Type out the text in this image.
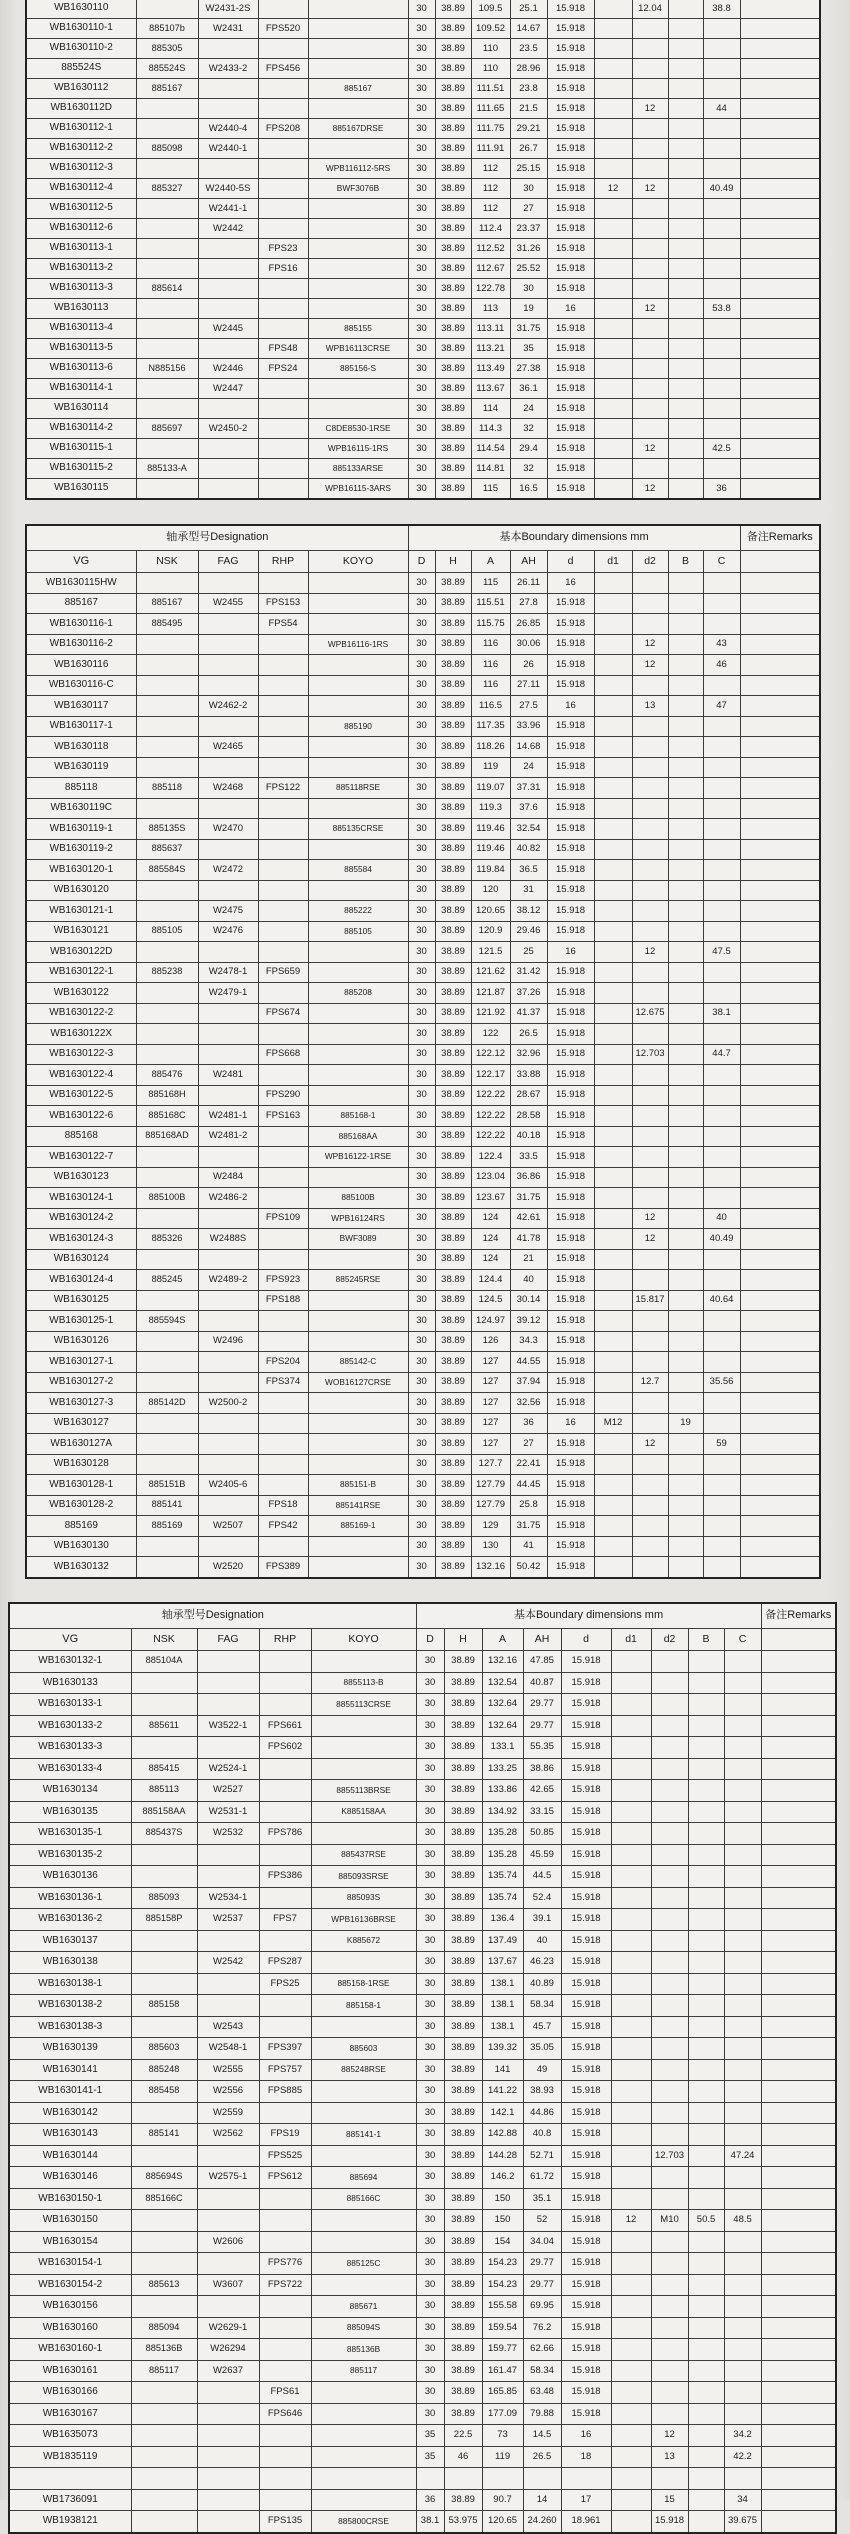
WB1630110		W2431-2S			30	38.89	109.5	25.1	15.918		12.04		38.8	
WB1630110-1	885107b	W2431	FPS520		30	38.89	109.52	14.67	15.918					
WB1630110-2	885305				30	38.89	110	23.5	15.918					
885524S	885524S	W2433-2	FPS456		30	38.89	110	28.96	15.918					
WB1630112	885167			885167	30	38.89	111.51	23.8	15.918					
WB1630112D					30	38.89	111.65	21.5	15.918		12		44	
WB1630112-1		W2440-4	FPS208	885167DRSE	30	38.89	111.75	29.21	15.918					
WB1630112-2	885098	W2440-1			30	38.89	111.91	26.7	15.918					
WB1630112-3				WPB116112-5RS	30	38.89	112	25.15	15.918					
WB1630112-4	885327	W2440-5S		BWF3076B	30	38.89	112	30	15.918	12	12		40.49	
WB1630112-5		W2441-1			30	38.89	112	27	15.918					
WB1630112-6		W2442			30	38.89	112.4	23.37	15.918					
WB1630113-1			FPS23		30	38.89	112.52	31.26	15.918					
WB1630113-2			FPS16		30	38.89	112.67	25.52	15.918					
WB1630113-3	885614				30	38.89	122.78	30	15.918					
WB1630113					30	38.89	113	19	16		12		53.8	
WB1630113-4		W2445		885155	30	38.89	113.11	31.75	15.918					
WB1630113-5			FPS48	WPB16113CRSE	30	38.89	113.21	35	15.918					
WB1630113-6	N885156	W2446	FPS24	885156-S	30	38.89	113.49	27.38	15.918					
WB1630114-1		W2447			30	38.89	113.67	36.1	15.918					
WB1630114					30	38.89	114	24	15.918					
WB1630114-2	885697	W2450-2		C8DE8530-1RSE	30	38.89	114.3	32	15.918					
WB1630115-1				WPB16115-1RS	30	38.89	114.54	29.4	15.918		12		42.5	
WB1630115-2	885133-A			885133ARSE	30	38.89	114.81	32	15.918					
WB1630115				WPB16115-3ARS	30	38.89	115	16.5	15.918		12		36	
轴承型号Designation					基本Boundary dimensions mm									备注Remarks
VG	NSK	FAG	RHP	KOYO	D	H	A	AH	d	d1	d2	B	C	
WB1630115HW					30	38.89	115	26.11	16					
885167	885167	W2455	FPS153		30	38.89	115.51	27.8	15.918					
WB1630116-1	885495		FPS54		30	38.89	115.75	26.85	15.918					
WB1630116-2				WPB16116-1RS	30	38.89	116	30.06	15.918		12		43	
WB1630116					30	38.89	116	26	15.918		12		46	
WB1630116-C					30	38.89	116	27.11	15.918					
WB1630117		W2462-2			30	38.89	116.5	27.5	16		13		47	
WB1630117-1				885190	30	38.89	117.35	33.96	15.918					
WB1630118		W2465			30	38.89	118.26	14.68	15.918					
WB1630119					30	38.89	119	24	15.918					
885118	885118	W2468	FPS122	885118RSE	30	38.89	119.07	37.31	15.918					
WB1630119C					30	38.89	119.3	37.6	15.918					
WB1630119-1	885135S	W2470		885135CRSE	30	38.89	119.46	32.54	15.918					
WB1630119-2	885637				30	38.89	119.46	40.82	15.918					
WB1630120-1	885584S	W2472		885584	30	38.89	119.84	36.5	15.918					
WB1630120					30	38.89	120	31	15.918					
WB1630121-1		W2475		885222	30	38.89	120.65	38.12	15.918					
WB1630121	885105	W2476		885105	30	38.89	120.9	29.46	15.918					
WB1630122D					30	38.89	121.5	25	16		12		47.5	
WB1630122-1	885238	W2478-1	FPS659		30	38.89	121.62	31.42	15.918					
WB1630122		W2479-1		885208	30	38.89	121.87	37.26	15.918					
WB1630122-2			FPS674		30	38.89	121.92	41.37	15.918		12.675		38.1	
WB1630122X					30	38.89	122	26.5	15.918					
WB1630122-3			FPS668		30	38.89	122.12	32.96	15.918		12.703		44.7	
WB1630122-4	885476	W2481			30	38.89	122.17	33.88	15.918					
WB1630122-5	885168H		FPS290		30	38.89	122.22	28.67	15.918					
WB1630122-6	885168C	W2481-1	FPS163	885168-1	30	38.89	122.22	28.58	15.918					
885168	885168AD	W2481-2		885168AA	30	38.89	122.22	40.18	15.918					
WB1630122-7				WPB16122-1RSE	30	38.89	122.4	33.5	15.918					
WB1630123		W2484			30	38.89	123.04	36.86	15.918					
WB1630124-1	885100B	W2486-2		885100B	30	38.89	123.67	31.75	15.918					
WB1630124-2			FPS109	WPB16124RS	30	38.89	124	42.61	15.918		12		40	
WB1630124-3	885326	W2488S		BWF3089	30	38.89	124	41.78	15.918		12		40.49	
WB1630124					30	38.89	124	21	15.918					
WB1630124-4	885245	W2489-2	FPS923	885245RSE	30	38.89	124.4	40	15.918					
WB1630125			FPS188		30	38.89	124.5	30.14	15.918		15.817		40.64	
WB1630125-1	885594S				30	38.89	124.97	39.12	15.918					
WB1630126		W2496			30	38.89	126	34.3	15.918					
WB1630127-1			FPS204	885142-C	30	38.89	127	44.55	15.918					
WB1630127-2			FPS374	WOB16127CRSE	30	38.89	127	37.94	15.918		12.7		35.56	
WB1630127-3	885142D	W2500-2			30	38.89	127	32.56	15.918					
WB1630127					30	38.89	127	36	16	M12		19		
WB1630127A					30	38.89	127	27	15.918		12		59	
WB1630128					30	38.89	127.7	22.41	15.918					
WB1630128-1	885151B	W2405-6		885151-B	30	38.89	127.79	44.45	15.918					
WB1630128-2	885141		FPS18	885141RSE	30	38.89	127.79	25.8	15.918					
885169	885169	W2507	FPS42	885169-1	30	38.89	129	31.75	15.918					
WB1630130					30	38.89	130	41	15.918					
WB1630132		W2520	FPS389		30	38.89	132.16	50.42	15.918					
轴承型号Designation					基本Boundary dimensions mm									备注Remarks
VG	NSK	FAG	RHP	KOYO	D	H	A	AH	d	d1	d2	B	C	
WB1630132-1	885104A				30	38.89	132.16	47.85	15.918					
WB1630133				8855113-B	30	38.89	132.54	40.87	15.918					
WB1630133-1				8855113CRSE	30	38.89	132.64	29.77	15.918					
WB1630133-2	885611	W3522-1	FPS661		30	38.89	132.64	29.77	15.918					
WB1630133-3			FPS602		30	38.89	133.1	55.35	15.918					
WB1630133-4	885415	W2524-1			30	38.89	133.25	38.86	15.918					
WB1630134	885113	W2527		8855113BRSE	30	38.89	133.86	42.65	15.918					
WB1630135	885158AA	W2531-1		K885158AA	30	38.89	134.92	33.15	15.918					
WB1630135-1	885437S	W2532	FPS786		30	38.89	135.28	50.85	15.918					
WB1630135-2				885437RSE	30	38.89	135.28	45.59	15.918					
WB1630136			FPS386	885093SRSE	30	38.89	135.74	44.5	15.918					
WB1630136-1	885093	W2534-1		885093S	30	38.89	135.74	52.4	15.918					
WB1630136-2	885158P	W2537	FPS7	WPB16136BRSE	30	38.89	136.4	39.1	15.918					
WB1630137				K885672	30	38.89	137.49	40	15.918					
WB1630138		W2542	FPS287		30	38.89	137.67	46.23	15.918					
WB1630138-1			FPS25	885158-1RSE	30	38.89	138.1	40.89	15.918					
WB1630138-2	885158			885158-1	30	38.89	138.1	58.34	15.918					
WB1630138-3		W2543			30	38.89	138.1	45.7	15.918					
WB1630139	885603	W2548-1	FPS397	885603	30	38.89	139.32	35.05	15.918					
WB1630141	885248	W2555	FPS757	885248RSE	30	38.89	141	49	15.918					
WB1630141-1	885458	W2556	FPS885		30	38.89	141.22	38.93	15.918					
WB1630142		W2559			30	38.89	142.1	44.86	15.918					
WB1630143	885141	W2562	FPS19	885141-1	30	38.89	142.88	40.8	15.918					
WB1630144			FPS525		30	38.89	144.28	52.71	15.918		12.703		47.24	
WB1630146	885694S	W2575-1	FPS612	885694	30	38.89	146.2	61.72	15.918					
WB1630150-1	885166C			885166C	30	38.89	150	35.1	15.918					
WB1630150					30	38.89	150	52	15.918	12	M10	50.5	48.5	
WB1630154		W2606			30	38.89	154	34.04	15.918					
WB1630154-1			FPS776	885125C	30	38.89	154.23	29.77	15.918					
WB1630154-2	885613	W3607	FPS722		30	38.89	154.23	29.77	15.918					
WB1630156				885671	30	38.89	155.58	69.95	15.918					
WB1630160	885094	W2629-1		885094S	30	38.89	159.54	76.2	15.918					
WB1630160-1	885136B	W26294		885136B	30	38.89	159.77	62.66	15.918					
WB1630161	885117	W2637		885117	30	38.89	161.47	58.34	15.918					
WB1630166			FPS61		30	38.89	165.85	63.48	15.918					
WB1630167			FPS646		30	38.89	177.09	79.88	15.918					
WB1635073					35	22.5	73	14.5	16		12		34.2	
WB1835119					35	46	119	26.5	18		13		42.2	

WB1736091					36	38.89	90.7	14	17		15		34	
WB1938121			FPS135	885800CRSE	38.1	53.975	120.65	24.260	18.961		15.918		39.675	
